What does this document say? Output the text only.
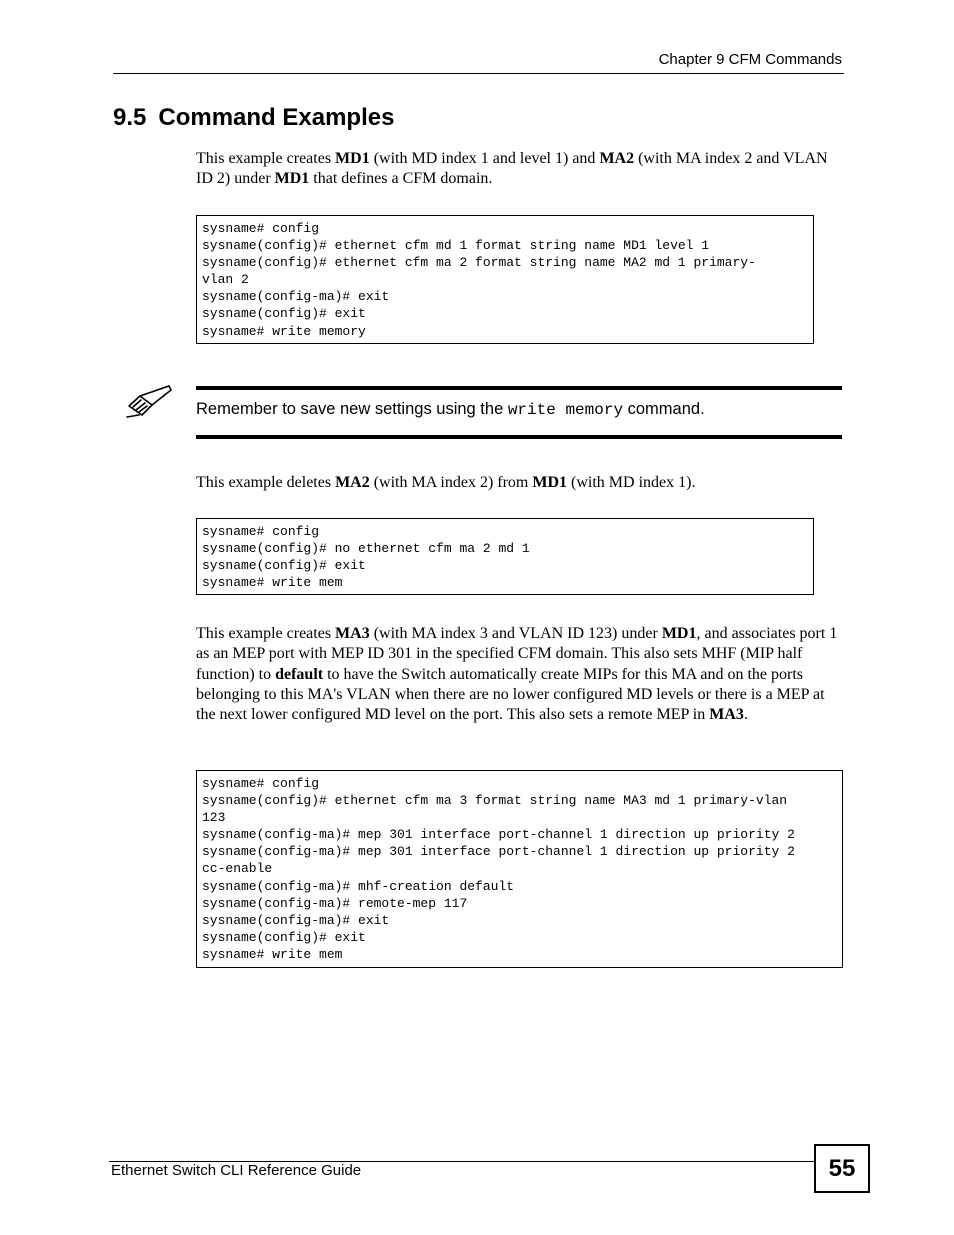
Chapter 9 CFM Commands
9.5 Command Examples

This example creates MD1 (with MD index 1 and level 1) and MA2 (with MA index 2 and VLAN ID 2) under MD1 that defines a CFM domain.

sysname# config
sysname(config)# ethernet cfm md 1 format string name MD1 level 1
sysname(config)# ethernet cfm ma 2 format string name MA2 md 1 primary-
vlan 2
sysname(config-ma)# exit
sysname(config)# exit
sysname# write memory
Remember to save new settings using the write memory command.

This example deletes MA2 (with MA index 2) from MD1 (with MD index 1).

sysname# config
sysname(config)# no ethernet cfm ma 2 md 1
sysname(config)# exit
sysname# write mem

This example creates MA3 (with MA index 3 and VLAN ID 123) under MD1, and associates port 1 as an MEP port with MEP ID 301 in the specified CFM domain. This also sets MHF (MIP half function) to default to have the Switch automatically create MIPs for this MA and on the ports belonging to this MA's VLAN when there are no lower configured MD levels or there is a MEP at the next lower configured MD level on the port. This also sets a remote MEP in MA3.

sysname# config
sysname(config)# ethernet cfm ma 3 format string name MA3 md 1 primary-vlan
123
sysname(config-ma)# mep 301 interface port-channel 1 direction up priority 2
sysname(config-ma)# mep 301 interface port-channel 1 direction up priority 2
cc-enable
sysname(config-ma)# mhf-creation default
sysname(config-ma)# remote-mep 117
sysname(config-ma)# exit
sysname(config)# exit
sysname# write mem
Ethernet Switch CLI Reference Guide	55
